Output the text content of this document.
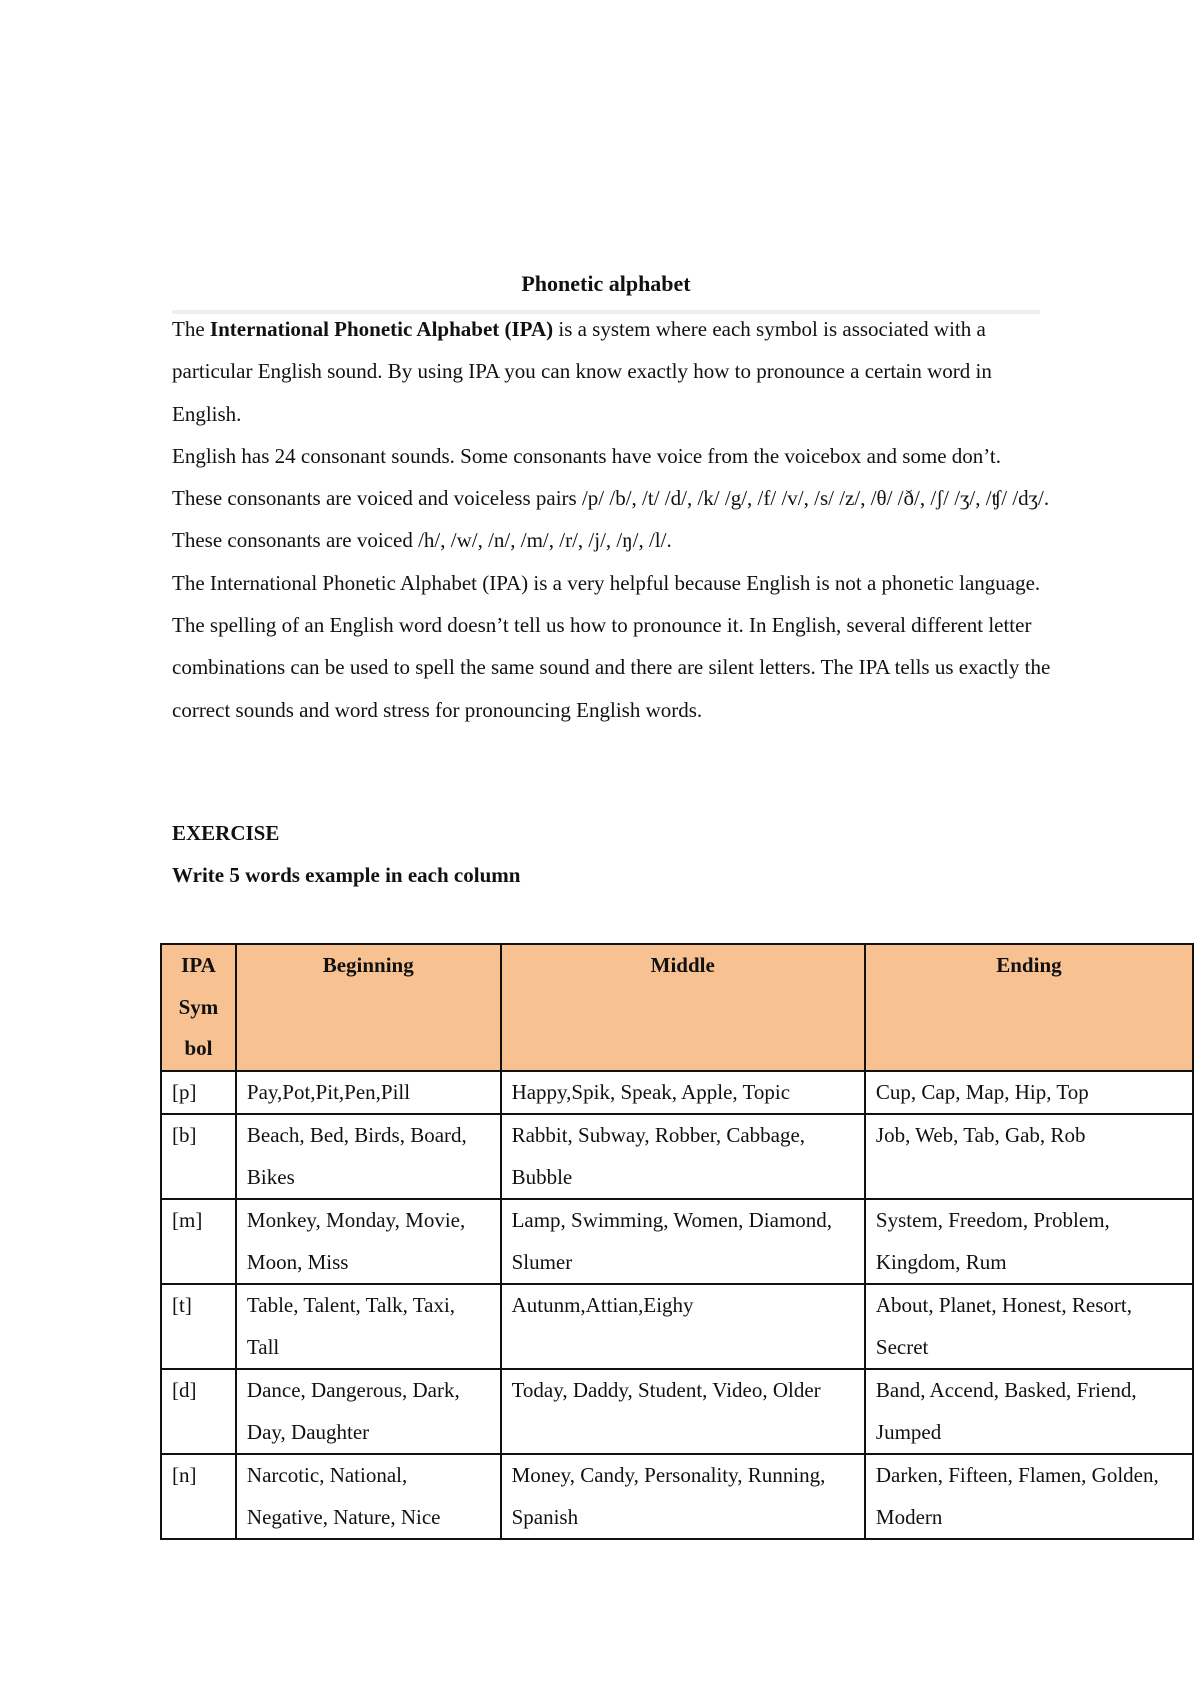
Phonetic alphabet

The International Phonetic Alphabet (IPA) is a system where each symbol is associated with a particular English sound. By using IPA you can know exactly how to pronounce a certain word in English.

English has 24 consonant sounds. Some consonants have voice from the voicebox and some don’t. These consonants are voiced and voiceless pairs /p/ /b/, /t/ /d/, /k/ /g/, /f/ /v/, /s/ /z/, /θ/ /ð/, /ʃ/ /ʒ/, /ʧ/ /dʒ/. These consonants are voiced /h/, /w/, /n/, /m/, /r/, /j/, /ŋ/, /l/.

The International Phonetic Alphabet (IPA) is a very helpful because English is not a phonetic language. The spelling of an English word doesn’t tell us how to pronounce it. In English, several different letter combinations can be used to spell the same sound and there are silent letters. The IPA tells us exactly the correct sounds and word stress for pronouncing English words.

EXERCISE
Write 5 words example in each column
IPA
Sym
bol	Beginning	Middle	Ending
[p]	Pay,Pot,Pit,Pen,Pill	Happy,Spik, Speak, Apple, Topic	Cup, Cap, Map, Hip, Top
[b]	Beach, Bed, Birds, Board, Bikes	Rabbit, Subway, Robber, Cabbage, Bubble	Job, Web, Tab, Gab, Rob
[m]	Monkey, Monday, Movie, Moon, Miss	Lamp, Swimming, Women, Diamond, Slumer	System, Freedom, Problem, Kingdom, Rum
[t]	Table, Talent, Talk, Taxi, Tall	Autunm,Attian,Eighy	About, Planet, Honest, Resort, Secret
[d]	Dance, Dangerous, Dark, Day, Daughter	Today, Daddy, Student, Video, Older	Band, Accend, Basked, Friend, Jumped
[n]	Narcotic, National, Negative, Nature, Nice	Money, Candy, Personality, Running, Spanish	Darken, Fifteen, Flamen, Golden, Modern
